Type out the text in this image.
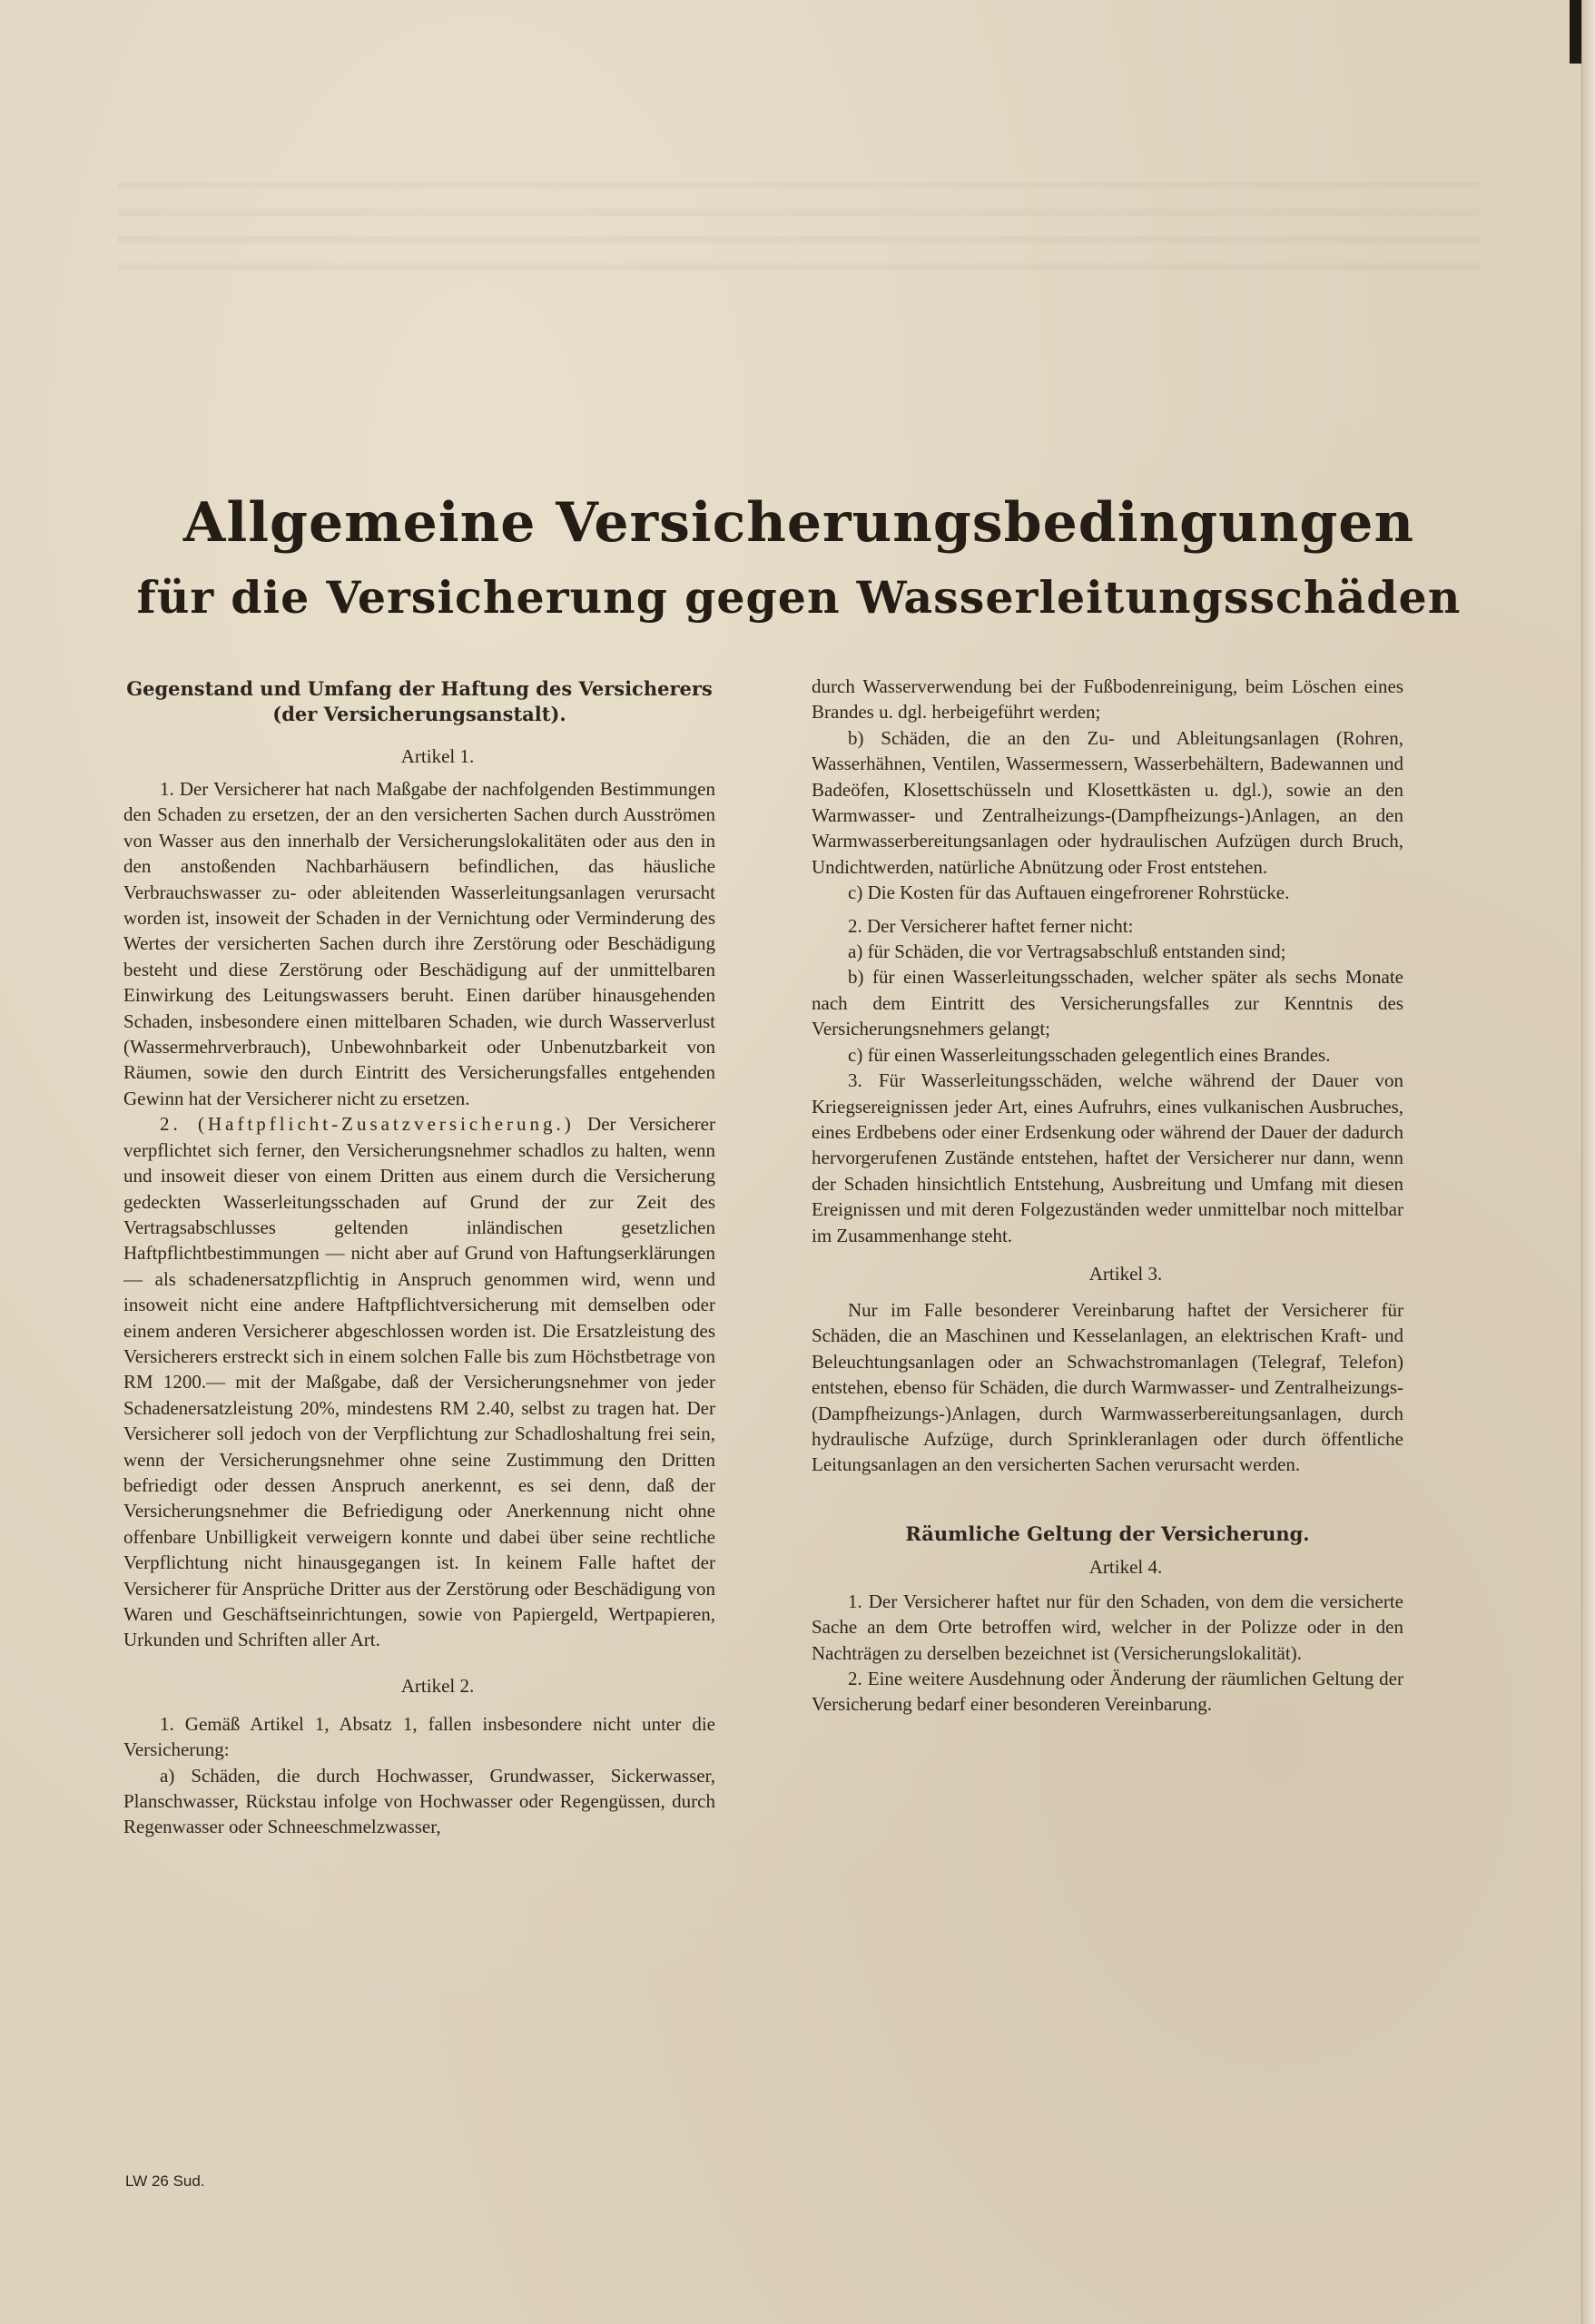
Allgemeine Versicherungsbedingungen
für die Versicherung gegen Wasserleitungsschäden
Gegenstand und Umfang der Haftung des Versicherers
(der Versicherungsanstalt).

Artikel 1.

1. Der Versicherer hat nach Maßgabe der nachfolgenden Bestimmungen den Schaden zu ersetzen, der an den versicherten Sachen durch Ausströmen von Wasser aus den innerhalb der Versicherungslokalitäten oder aus den in den anstoßenden Nachbarhäusern befindlichen, das häusliche Verbrauchswasser zu- oder ableitenden Wasserleitungsanlagen verursacht worden ist, insoweit der Schaden in der Vernichtung oder Verminderung des Wertes der versicherten Sachen durch ihre Zerstörung oder Beschädigung besteht und diese Zerstörung oder Beschädigung auf der unmittelbaren Einwirkung des Leitungswassers beruht. Einen darüber hinausgehenden Schaden, insbesondere einen mittelbaren Schaden, wie durch Wasserverlust (Wassermehrverbrauch), Unbewohnbarkeit oder Unbenutzbarkeit von Räumen, sowie den durch Eintritt des Versicherungsfalles entgehenden Gewinn hat der Versicherer nicht zu ersetzen.

2. (Haftpflicht-Zusatzversicherung.) Der Versicherer verpflichtet sich ferner, den Versicherungsnehmer schadlos zu halten, wenn und insoweit dieser von einem Dritten aus einem durch die Versicherung gedeckten Wasserleitungsschaden auf Grund der zur Zeit des Vertragsabschlusses geltenden inländischen gesetzlichen Haftpflichtbestimmungen — nicht aber auf Grund von Haftungserklärungen — als schadenersatzpflichtig in Anspruch genommen wird, wenn und insoweit nicht eine andere Haftpflichtversicherung mit demselben oder einem anderen Versicherer abgeschlossen worden ist. Die Ersatzleistung des Versicherers erstreckt sich in einem solchen Falle bis zum Höchstbetrage von RM 1200.— mit der Maßgabe, daß der Versicherungsnehmer von jeder Schadenersatzleistung 20%, mindestens RM 2.40, selbst zu tragen hat. Der Versicherer soll jedoch von der Verpflichtung zur Schadloshaltung frei sein, wenn der Versicherungsnehmer ohne seine Zustimmung den Dritten befriedigt oder dessen Anspruch anerkennt, es sei denn, daß der Versicherungsnehmer die Befriedigung oder Anerkennung nicht ohne offenbare Unbilligkeit verweigern konnte und dabei über seine rechtliche Verpflichtung nicht hinausgegangen ist. In keinem Falle haftet der Versicherer für Ansprüche Dritter aus der Zerstörung oder Beschädigung von Waren und Geschäftseinrichtungen, sowie von Papiergeld, Wertpapieren, Urkunden und Schriften aller Art.

Artikel 2.

1. Gemäß Artikel 1, Absatz 1, fallen insbesondere nicht unter die Versicherung:

a) Schäden, die durch Hochwasser, Grundwasser, Sickerwasser, Planschwasser, Rückstau infolge von Hochwasser oder Regengüssen, durch Regenwasser oder Schneeschmelzwasser,

durch Wasserverwendung bei der Fußbodenreinigung, beim Löschen eines Brandes u. dgl. herbeigeführt werden;

b) Schäden, die an den Zu- und Ableitungsanlagen (Rohren, Wasserhähnen, Ventilen, Wassermessern, Wasserbehältern, Badewannen und Badeöfen, Klosettschüsseln und Klosettkästen u. dgl.), sowie an den Warmwasser- und Zentralheizungs-(Dampfheizungs-)Anlagen, an den Warmwasserbereitungsanlagen oder hydraulischen Aufzügen durch Bruch, Undichtwerden, natürliche Abnützung oder Frost entstehen.

c) Die Kosten für das Auftauen eingefrorener Rohrstücke.

2. Der Versicherer haftet ferner nicht:

a) für Schäden, die vor Vertragsabschluß entstanden sind;

b) für einen Wasserleitungsschaden, welcher später als sechs Monate nach dem Eintritt des Versicherungsfalles zur Kenntnis des Versicherungsnehmers gelangt;

c) für einen Wasserleitungsschaden gelegentlich eines Brandes.

3. Für Wasserleitungsschäden, welche während der Dauer von Kriegsereignissen jeder Art, eines Aufruhrs, eines vulkanischen Ausbruches, eines Erdbebens oder einer Erdsenkung oder während der Dauer der dadurch hervorgerufenen Zustände entstehen, haftet der Versicherer nur dann, wenn der Schaden hinsichtlich Entstehung, Ausbreitung und Umfang mit diesen Ereignissen und mit deren Folgezuständen weder unmittelbar noch mittelbar im Zusammenhange steht.

Artikel 3.

Nur im Falle besonderer Vereinbarung haftet der Versicherer für Schäden, die an Maschinen und Kesselanlagen, an elektrischen Kraft- und Beleuchtungsanlagen oder an Schwachstromanlagen (Telegraf, Telefon) entstehen, ebenso für Schäden, die durch Warmwasser- und Zentralheizungs-(Dampfheizungs-)Anlagen, durch Warmwasserbereitungsanlagen, durch hydraulische Aufzüge, durch Sprinkleranlagen oder durch öffentliche Leitungsanlagen an den versicherten Sachen verursacht werden.

Räumliche Geltung der Versicherung.

Artikel 4.

1. Der Versicherer haftet nur für den Schaden, von dem die versicherte Sache an dem Orte betroffen wird, welcher in der Polizze oder in den Nachträgen zu derselben bezeichnet ist (Versicherungslokalität).

2. Eine weitere Ausdehnung oder Änderung der räumlichen Geltung der Versicherung bedarf einer besonderen Vereinbarung.

LW 26 Sud.
